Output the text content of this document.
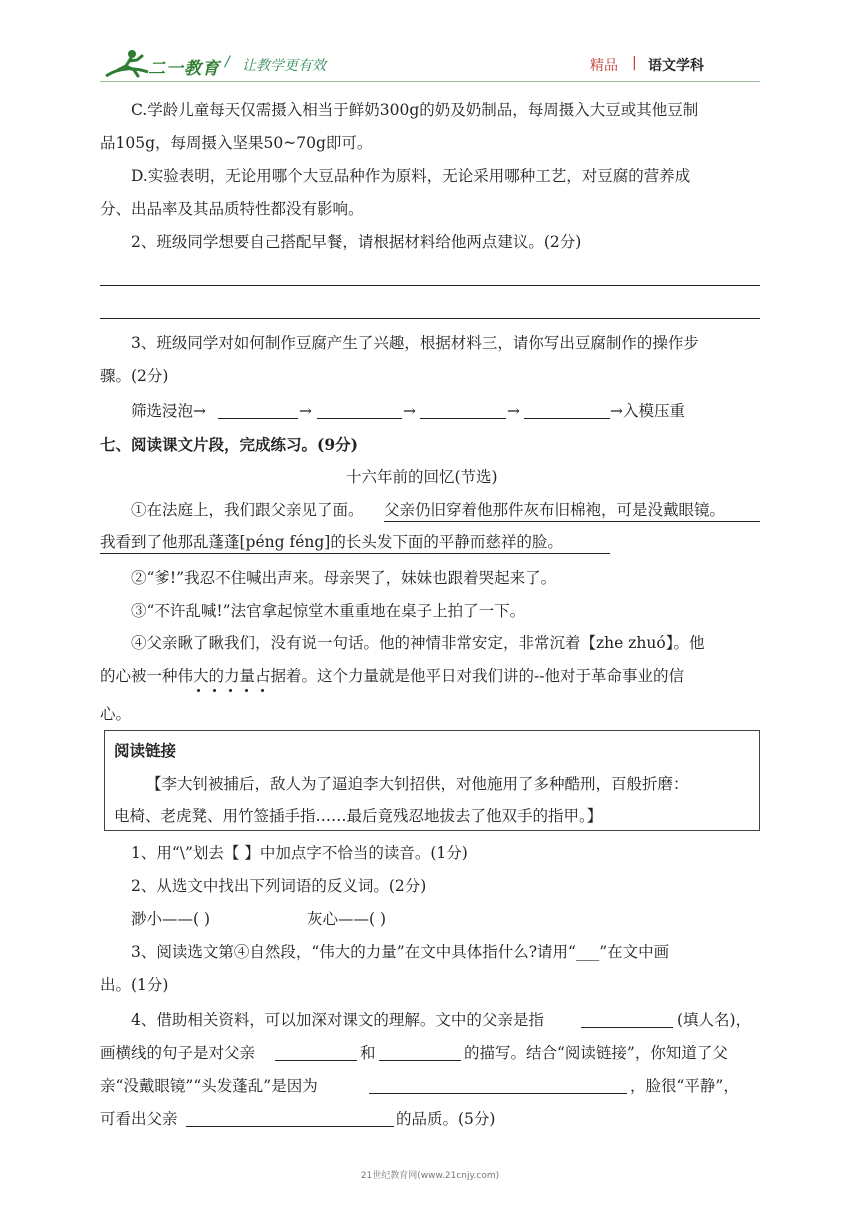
二一教育 / 让教学更有效	精品 | 语文学科
C.学龄儿童每天仅需摄入相当于鲜奶300g的奶及奶制品，每周摄入大豆或其他豆制
品105g，每周摄入坚果50~70g即可。
D.实验表明，无论用哪个大豆品种作为原料，无论采用哪种工艺，对豆腐的营养成
分、出品率及其品质特性都没有影响。
2、班级同学想要自己搭配早餐，请根据材料给他两点建议。(2分)
3、班级同学对如何制作豆腐产生了兴趣，根据材料三，请你写出豆腐制作的操作步
骤。(2分)
筛选浸泡→	→	→	→	→入模压重
七、阅读课文片段，完成练习。(9分)
十六年前的回忆(节选)
①在法庭上，我们跟父亲见了面。 父亲仍旧穿着他那件灰布旧棉袍，可是没戴眼镜。
我看到了他那乱蓬蓬[péng féng]的长头发下面的平静而慈祥的脸。
②“爹!”我忍不住喊出声来。母亲哭了，妹妹也跟着哭起来了。
③“不许乱喊!”法官拿起惊堂木重重地在桌子上拍了一下。
④父亲瞅了瞅我们，没有说一句话。他的神情非常安定，非常沉着【zhe zhuó】。他
的心被一种伟大的力量占据着。这个力量就是他平日对我们讲的--他对于革命事业的信
心。
阅读链接
【李大钊被捕后，敌人为了逼迫李大钊招供，对他施用了多种酷刑，百般折磨：
电椅、老虎凳、用竹签插手指……最后竟残忍地拔去了他双手的指甲。】
1、用“\”划去【 】中加点字不恰当的读音。(1分)
2、从选文中找出下列词语的反义词。(2分)
渺小——( )	灰心——( )
3、阅读选文第④自然段，“伟大的力量”在文中具体指什么?请用“___”在文中画
出。(1分)
4、借助相关资料，可以加深对课文的理解。文中的父亲是指	(填人名)，
画横线的句子是对父亲	和	的描写。结合“阅读链接”，你知道了父
亲“没戴眼镜”“头发蓬乱”是因为	，脸很“平静”，
可看出父亲	的品质。(5分)
21世纪教育网(www.21cnjy.com)
